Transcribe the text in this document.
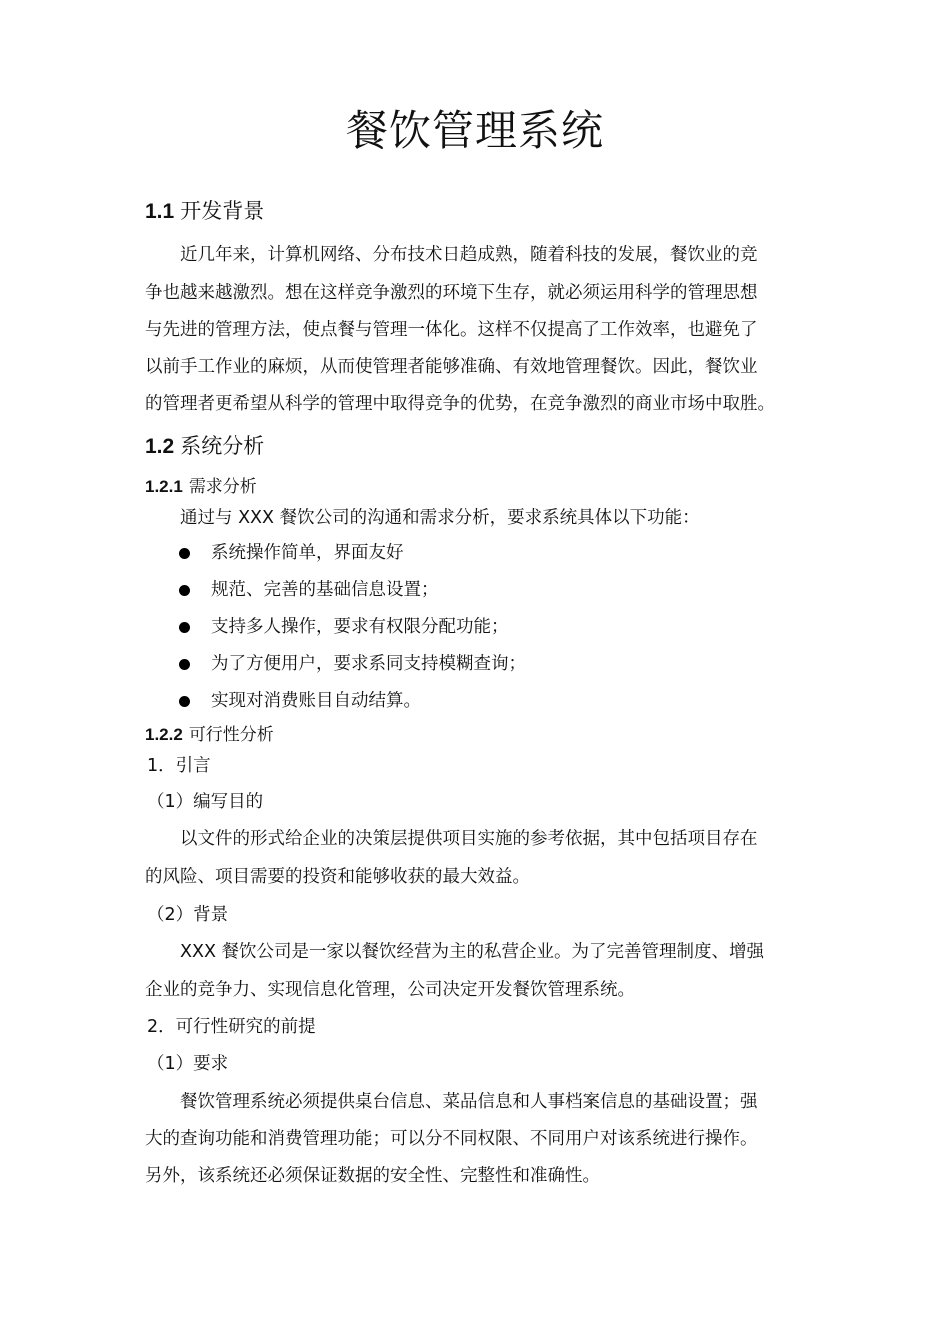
餐饮管理系统
1.1 开发背景
近几年来，计算机网络、分布技术日趋成熟，随着科技的发展，餐饮业的竞
争也越来越激烈。想在这样竞争激烈的环境下生存，就必须运用科学的管理思想
与先进的管理方法，使点餐与管理一体化。这样不仅提高了工作效率，也避免了
以前手工作业的麻烦，从而使管理者能够准确、有效地管理餐饮。因此，餐饮业
的管理者更希望从科学的管理中取得竞争的优势，在竞争激烈的商业市场中取胜。
1.2 系统分析
1.2.1 需求分析
通过与 XXX 餐饮公司的沟通和需求分析，要求系统具体以下功能：
系统操作简单，界面友好
规范、完善的基础信息设置；
支持多人操作，要求有权限分配功能；
为了方便用户，要求系同支持模糊查询；
实现对消费账目自动结算。
1.2.2 可行性分析
1．引言
（1）编写目的
以文件的形式给企业的决策层提供项目实施的参考依据，其中包括项目存在
的风险、项目需要的投资和能够收获的最大效益。
（2）背景
XXX 餐饮公司是一家以餐饮经营为主的私营企业。为了完善管理制度、增强
企业的竞争力、实现信息化管理，公司决定开发餐饮管理系统。
2．可行性研究的前提
（1）要求
餐饮管理系统必须提供桌台信息、菜品信息和人事档案信息的基础设置；强
大的查询功能和消费管理功能；可以分不同权限、不同用户对该系统进行操作。
另外，该系统还必须保证数据的安全性、完整性和准确性。
